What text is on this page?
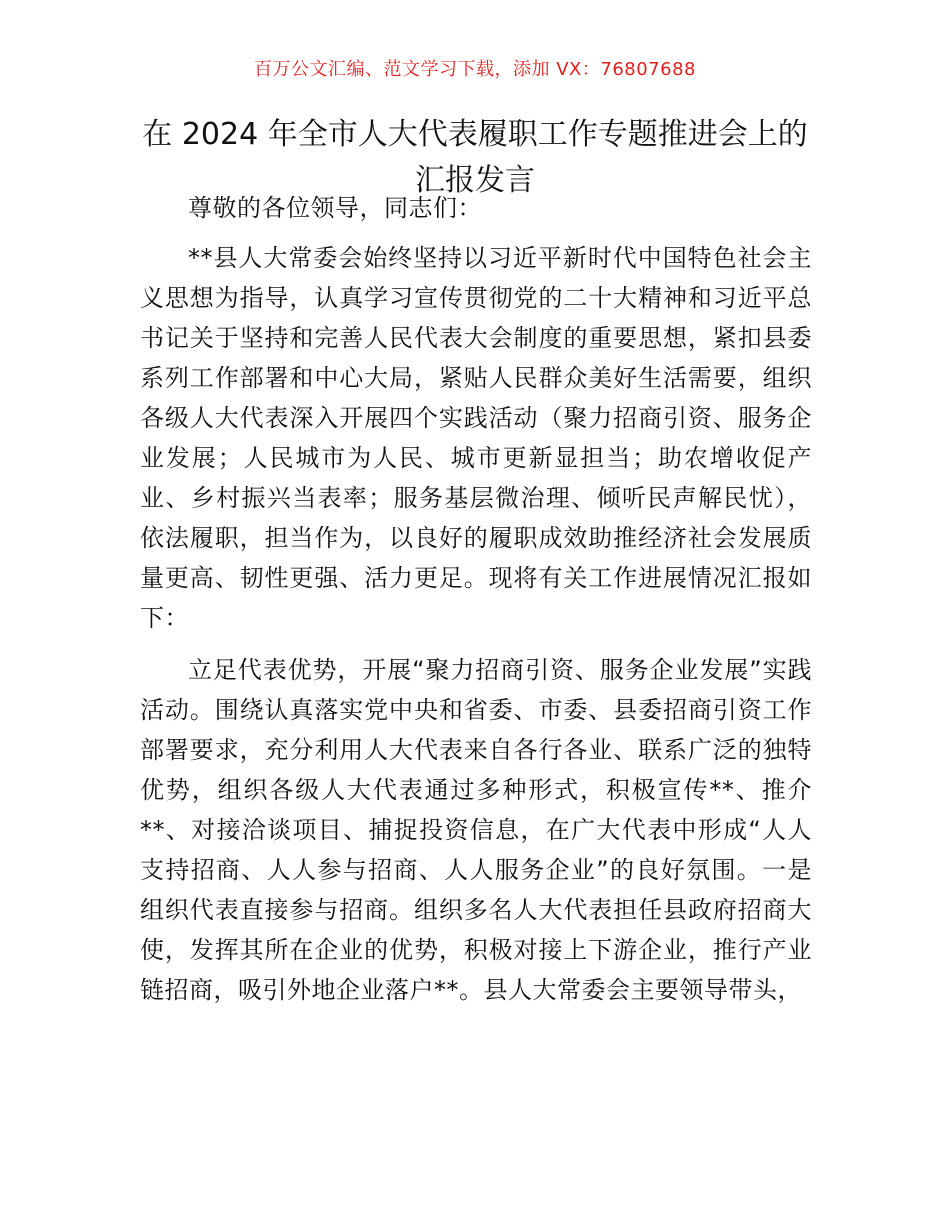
百万公文汇编、范文学习下载，添加 VX：76807688
在 2024 年全市人大代表履职工作专题推进会上的汇报发言

尊敬的各位领导，同志们：

**县人大常委会始终坚持以习近平新时代中国特色社会主义思想为指导，认真学习宣传贯彻党的二十大精神和习近平总书记关于坚持和完善人民代表大会制度的重要思想，紧扣县委系列工作部署和中心大局，紧贴人民群众美好生活需要，组织各级人大代表深入开展四个实践活动（聚力招商引资、服务企业发展；人民城市为人民、城市更新显担当；助农增收促产业、乡村振兴当表率；服务基层微治理、倾听民声解民忧），依法履职，担当作为，以良好的履职成效助推经济社会发展质量更高、韧性更强、活力更足。现将有关工作进展情况汇报如下：

立足代表优势，开展“聚力招商引资、服务企业发展”实践活动。围绕认真落实党中央和省委、市委、县委招商引资工作部署要求，充分利用人大代表来自各行各业、联系广泛的独特优势，组织各级人大代表通过多种形式，积极宣传**、推介**、对接洽谈项目、捕捉投资信息，在广大代表中形成“人人支持招商、人人参与招商、人人服务企业”的良好氛围。一是组织代表直接参与招商。组织多名人大代表担任县政府招商大使，发挥其所在企业的优势，积极对接上下游企业，推行产业链招商，吸引外地企业落户**。县人大常委会主要领导带头，
